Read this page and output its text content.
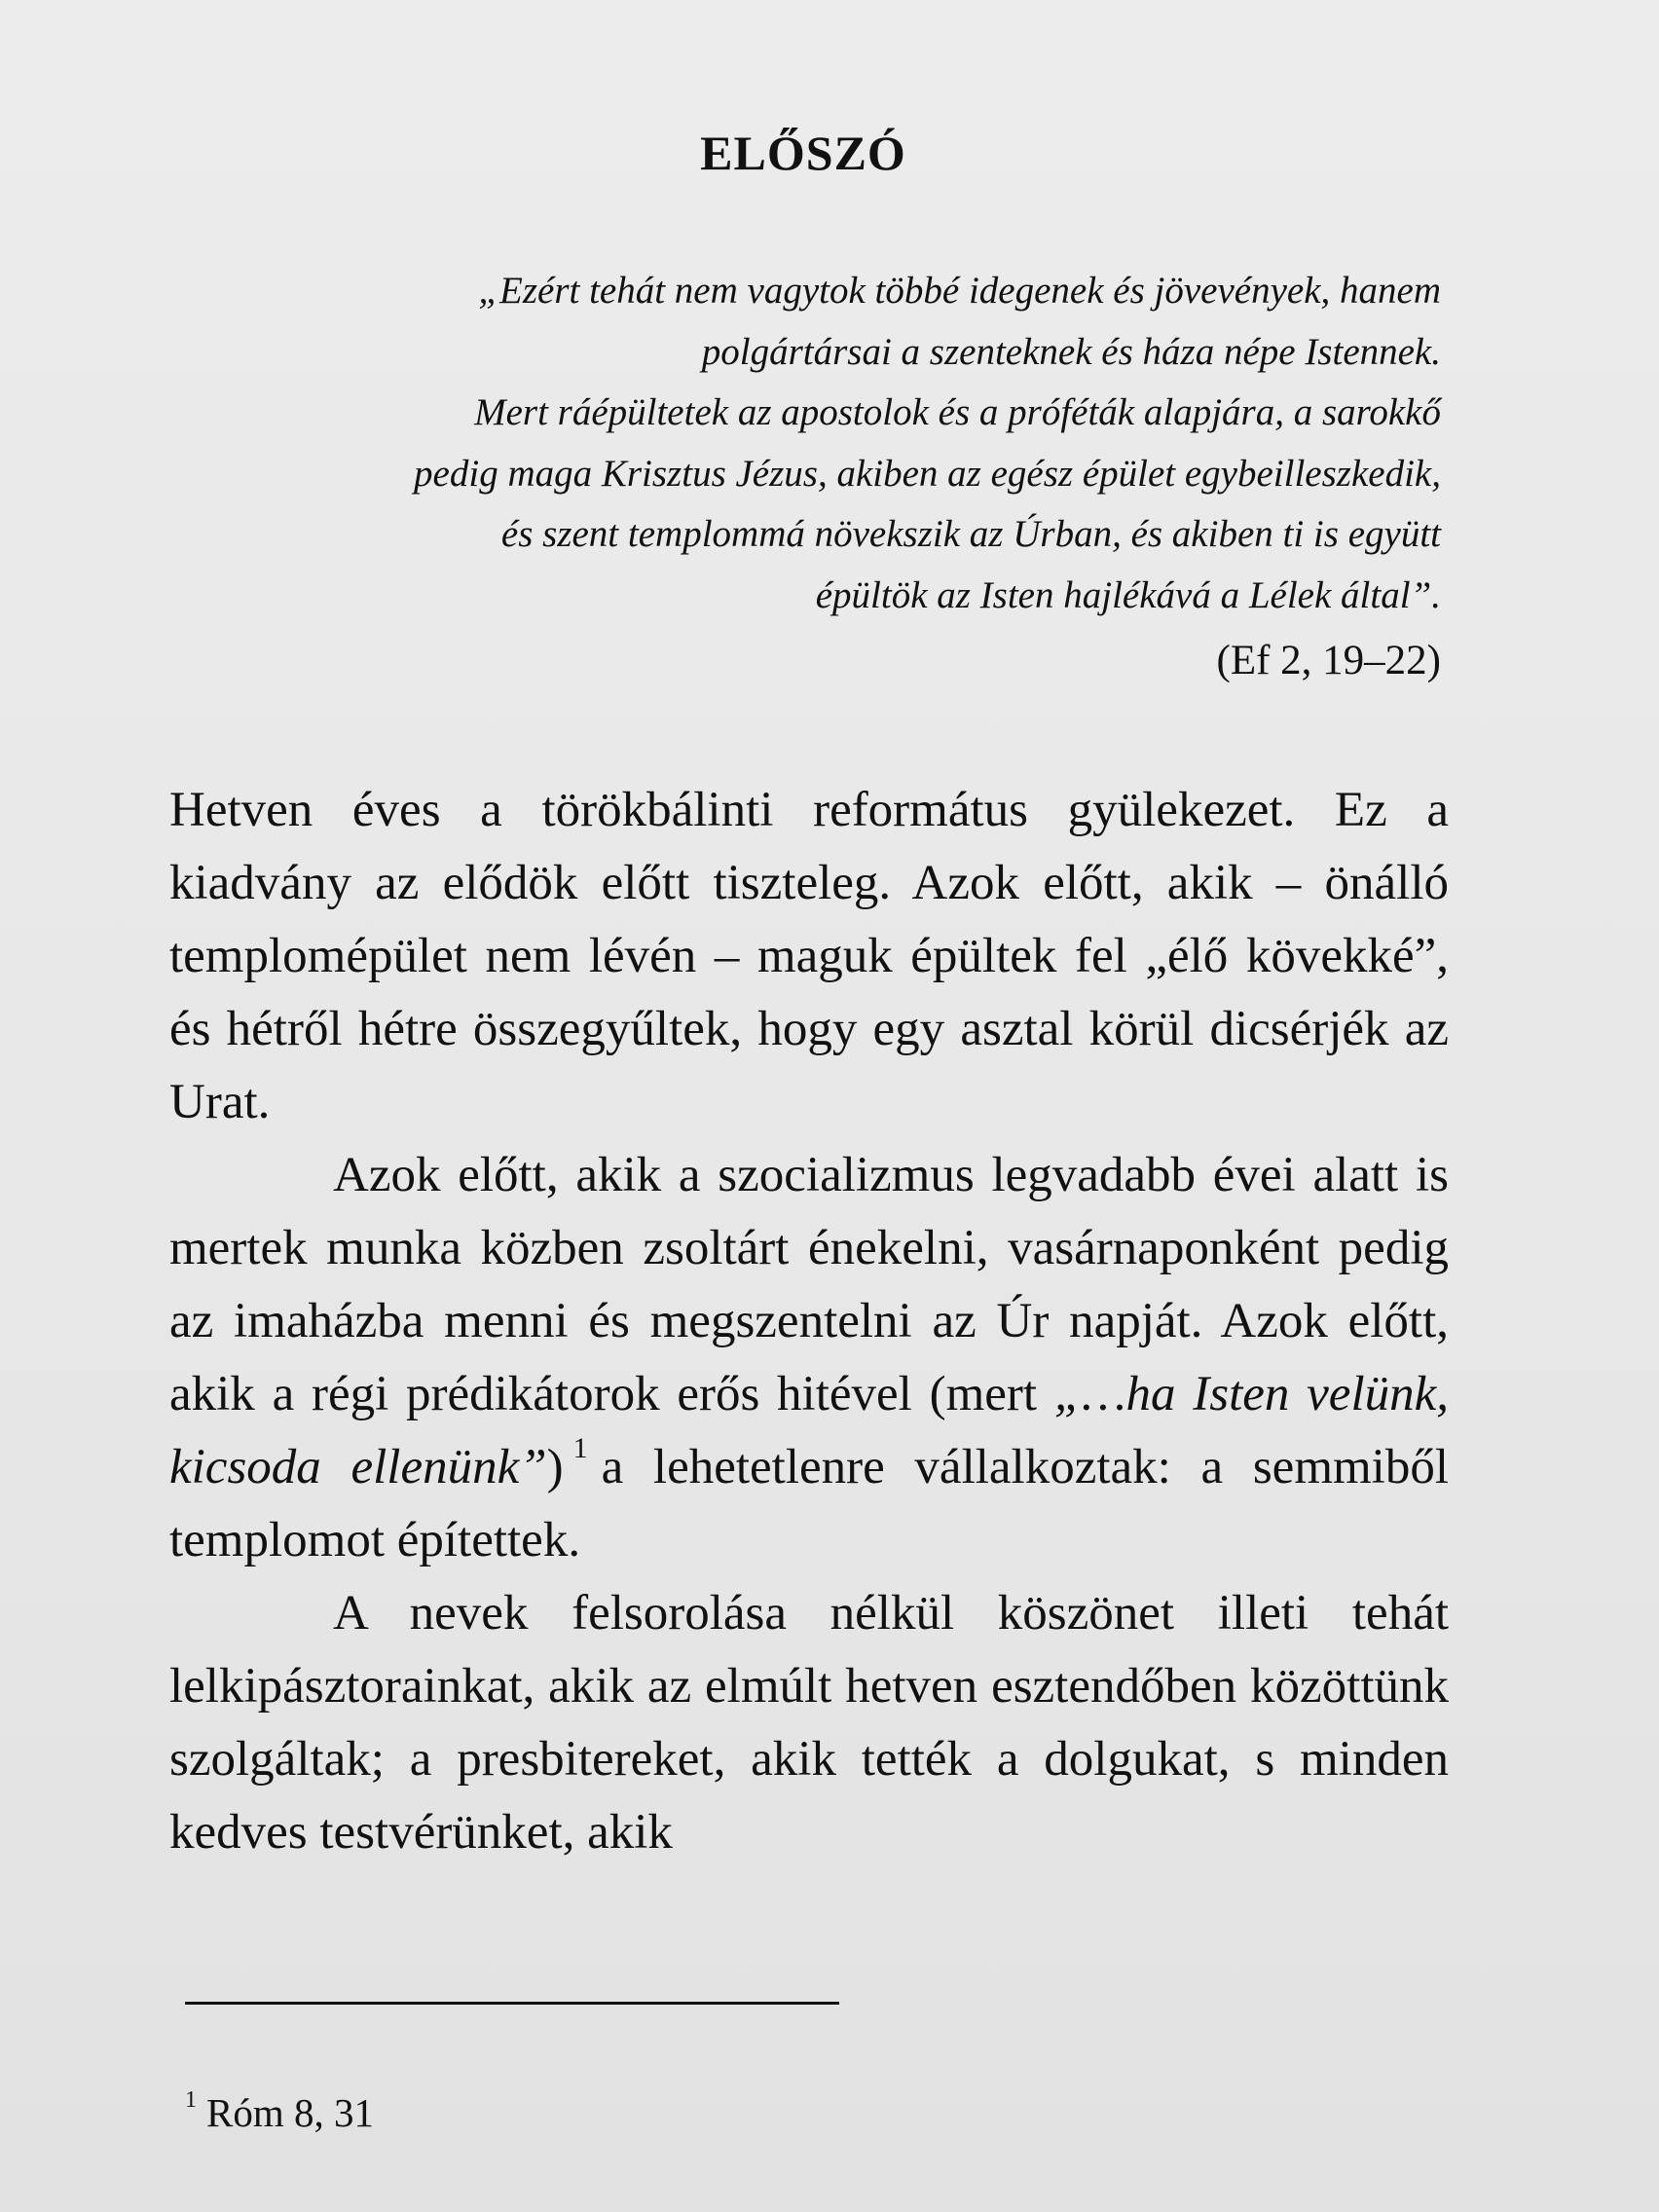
ELŐSZÓ
„Ezért tehát nem vagytok többé idegenek és jövevények, hanem
polgártársai a szenteknek és háza népe Istennek.
Mert ráépültetek az apostolok és a próféták alapjára, a sarokkő
pedig maga Krisztus Jézus, akiben az egész épület egybeilleszkedik,
és szent templommá növekszik az Úrban, és akiben ti is együtt
épültök az Isten hajlékává a Lélek által”.
(Ef 2, 19–22)

Hetven éves a törökbálinti református gyülekezet. Ez a kiadvány az elődök előtt tiszteleg. Azok előtt, akik – önálló templomépület nem lévén – maguk épültek fel „élő kövekké”, és hétről hétre összegyűltek, hogy egy asztal körül dicsérjék az Urat.

Azok előtt, akik a szocializmus legvadabb évei alatt is mertek munka közben zsoltárt énekelni, vasárnaponként pedig az imaházba menni és megszentelni az Úr napját. Azok előtt, akik a régi prédikátorok erős hitével (mert „…ha Isten velünk, kicsoda ellenünk”) $^1$ a lehetetlenre vállalkoztak: a semmiből templomot építettek.

A nevek felsorolása nélkül köszönet illeti tehát lelkipásztorainkat, akik az elmúlt hetven esztendőben közöttünk szolgáltak; a presbitereket, akik tették a dolgukat, s minden kedves testvérünket, akik

$^1$ Róm 8, 31
